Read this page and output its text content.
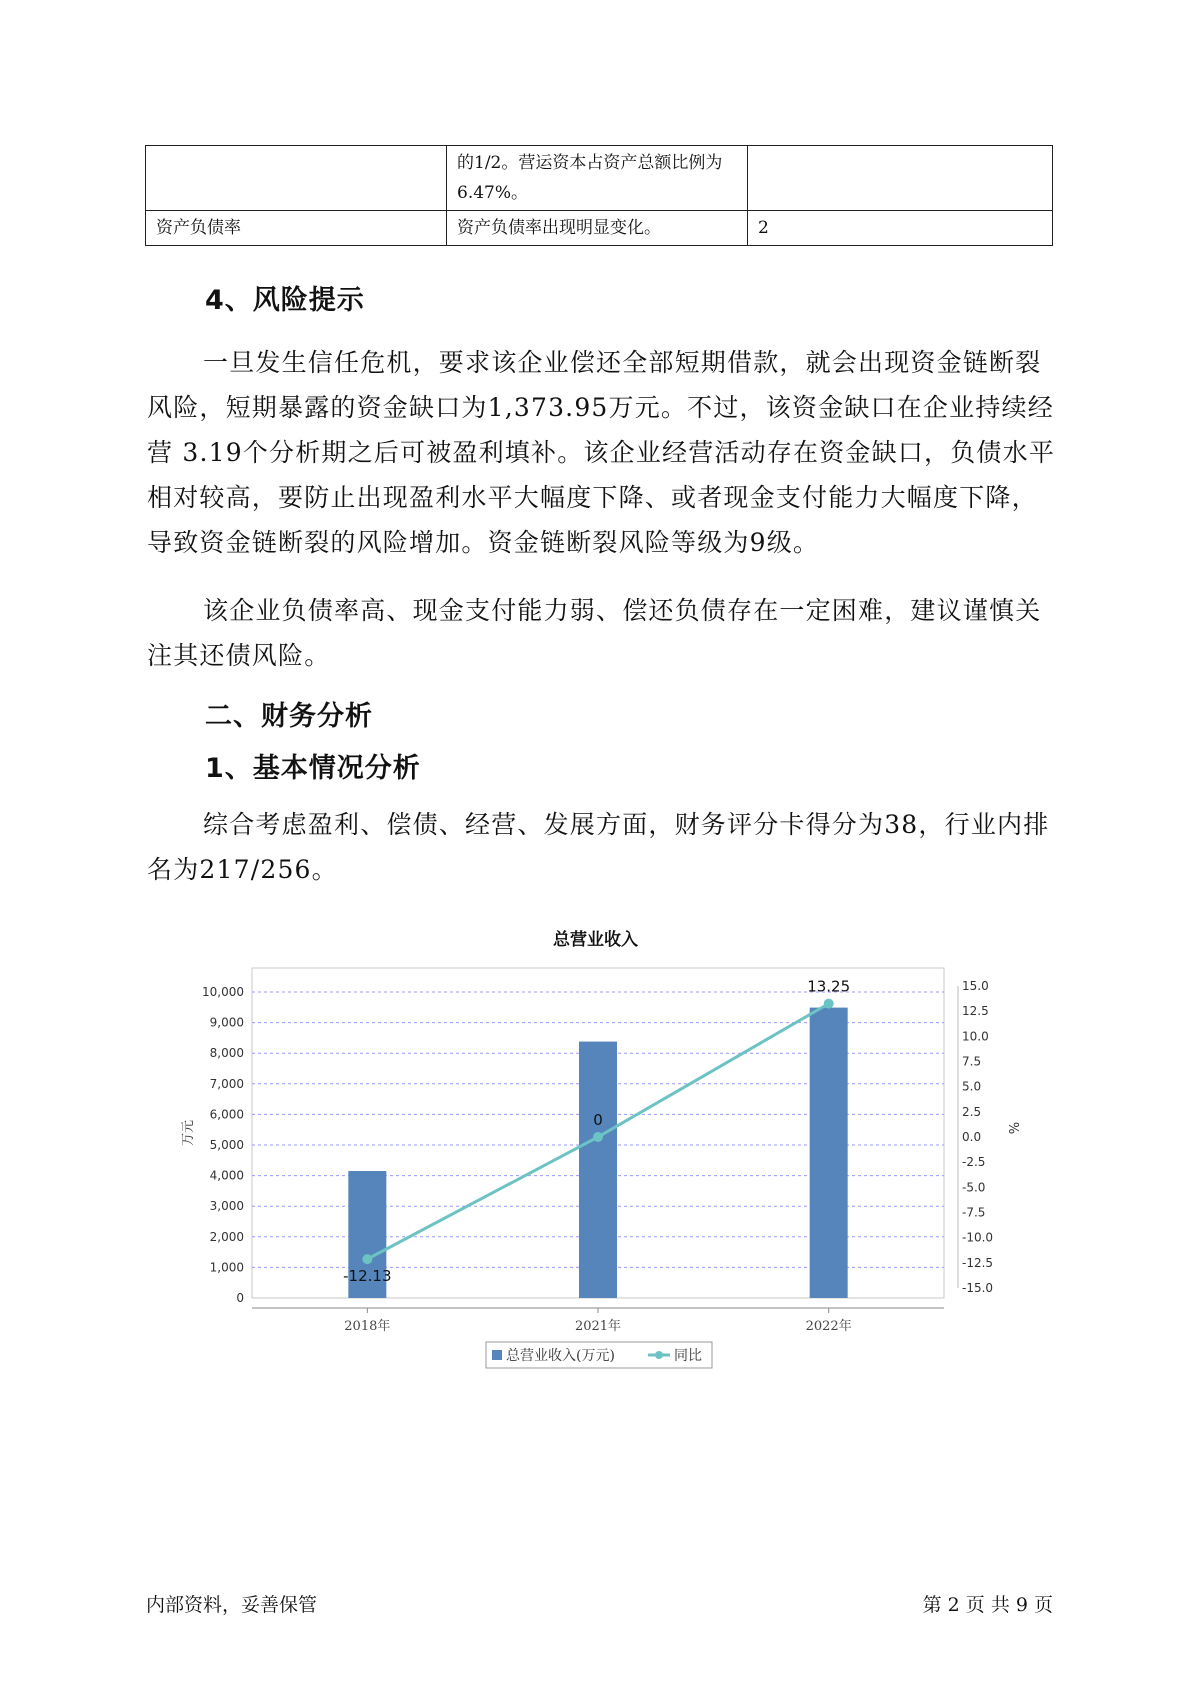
	的1/2。营运资本占资产总额比例为6.47%。	
资产负债率	资产负债率出现明显变化。	2
4、风险提示

一旦发生信任危机，要求该企业偿还全部短期借款，就会出现资金链断裂风险，短期暴露的资金缺口为1,373.95万元。不过，该资金缺口在企业持续经营 3.19个分析期之后可被盈利填补。该企业经营活动存在资金缺口，负债水平相对较高，要防止出现盈利水平大幅度下降、或者现金支付能力大幅度下降，导致资金链断裂的风险增加。资金链断裂风险等级为9级。

该企业负债率高、现金支付能力弱、偿还负债存在一定困难，建议谨慎关注其还债风险。

二、财务分析
1、基本情况分析

综合考虑盈利、偿债、经营、发展方面，财务评分卡得分为38，行业内排名为217/256。

总营业收入
0
1,000
2,000
3,000
4,000
5,000
6,000
7,000
8,000
9,000
10,000
-15.0
-12.5
-10.0
-7.5
-5.0
-2.5
0.0
2.5
5.0
7.5
10.0
12.5
15.0
万元	%
2018年	2021年	2022年
-12.13
0
13.25
总营业收入(万元)	同比
内部资料，妥善保管	第 2 页 共 9 页
